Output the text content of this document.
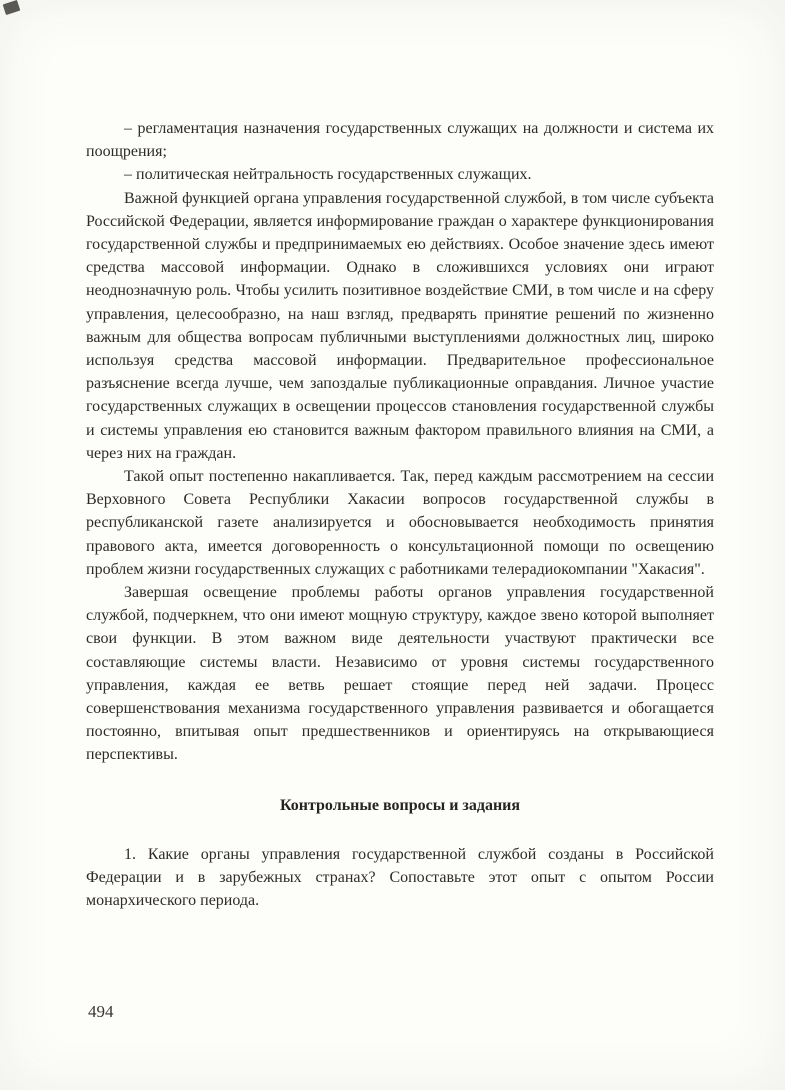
– регламентация назначения государственных служащих на должности и система их поощрения;

– политическая нейтральность государственных служащих.

Важной функцией органа управления государственной службой, в том числе субъекта Российской Федерации, является информирование граждан о характере функционирования государственной службы и предпринимаемых ею действиях. Особое значение здесь имеют средства массовой информации. Однако в сложившихся условиях они играют неоднозначную роль. Чтобы усилить позитивное воздействие СМИ, в том числе и на сферу управления, целесообразно, на наш взгляд, предварять принятие решений по жизненно важным для общества вопросам публичными выступлениями должностных лиц, широко используя средства массовой информации. Предварительное профессиональное разъяснение всегда лучше, чем запоздалые публикационные оправдания. Личное участие государственных служащих в освещении процессов становления государственной службы и системы управления ею становится важным фактором правильного влияния на СМИ, а через них на граждан.

Такой опыт постепенно накапливается. Так, перед каждым рассмотрением на сессии Верховного Совета Республики Хакасии вопросов государственной службы в республиканской газете анализируется и обосновывается необходимость принятия правового акта, имеется договоренность о консультационной помощи по освещению проблем жизни государственных служащих с работниками телерадиокомпании "Хакасия".

Завершая освещение проблемы работы органов управления государственной службой, подчеркнем, что они имеют мощную структуру, каждое звено которой выполняет свои функции. В этом важном виде деятельности участвуют практически все составляющие системы власти. Независимо от уровня системы государственного управления, каждая ее ветвь решает стоящие перед ней задачи. Процесс совершенствования механизма государственного управления развивается и обогащается постоянно, впитывая опыт предшественников и ориентируясь на открывающиеся перспективы.

Контрольные вопросы и задания

1. Какие органы управления государственной службой созданы в Российской Федерации и в зарубежных странах? Сопоставьте этот опыт с опытом России монархического периода.

494
